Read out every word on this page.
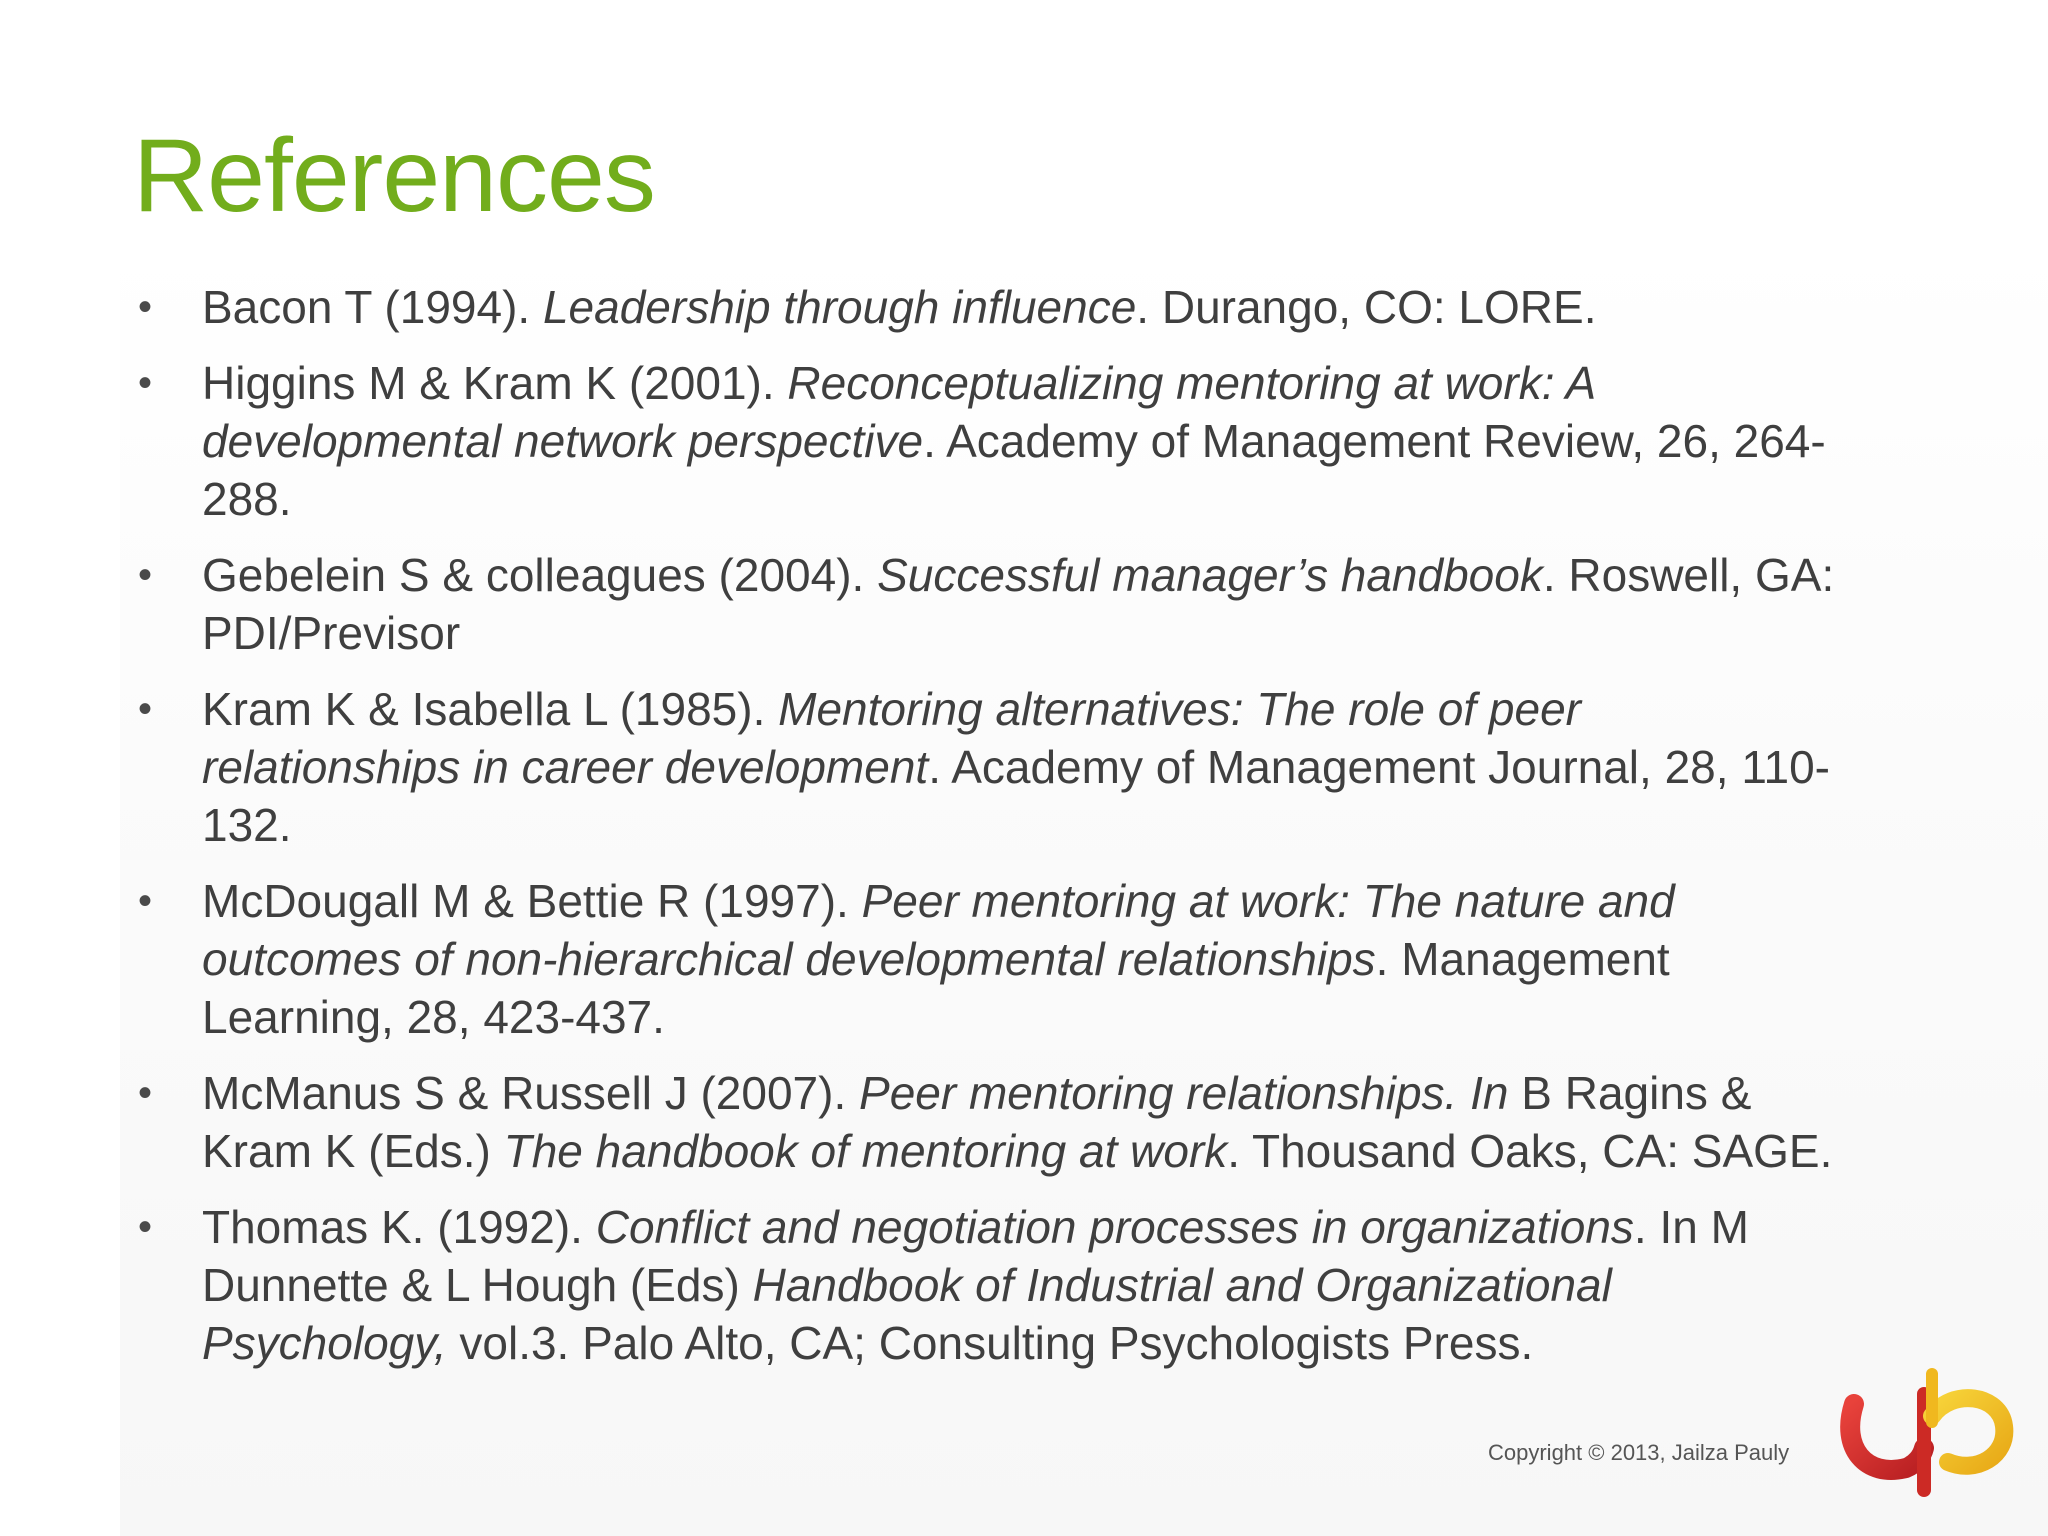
References
• Bacon T (1994). Leadership through influence. Durango, CO: LORE.
• Higgins M & Kram K (2001). Reconceptualizing mentoring at work: A developmental network perspective. Academy of Management Review, 26, 264-288.
• Gebelein S & colleagues (2004). Successful manager’s handbook. Roswell, GA: PDI/Previsor
• Kram K & Isabella L (1985). Mentoring alternatives: The role of peer relationships in career development. Academy of Management Journal, 28, 110-132.
• McDougall M & Bettie R (1997). Peer mentoring at work: The nature and outcomes of non-hierarchical developmental relationships. Management Learning, 28, 423-437.
• McManus S & Russell J (2007). Peer mentoring relationships. In B Ragins & Kram K (Eds.) The handbook of mentoring at work. Thousand Oaks, CA: SAGE.
• Thomas K. (1992). Conflict and negotiation processes in organizations. In M Dunnette & L Hough (Eds) Handbook of Industrial and Organizational Psychology, vol.3. Palo Alto, CA; Consulting Psychologists Press.
Copyright © 2013, Jailza Pauly
